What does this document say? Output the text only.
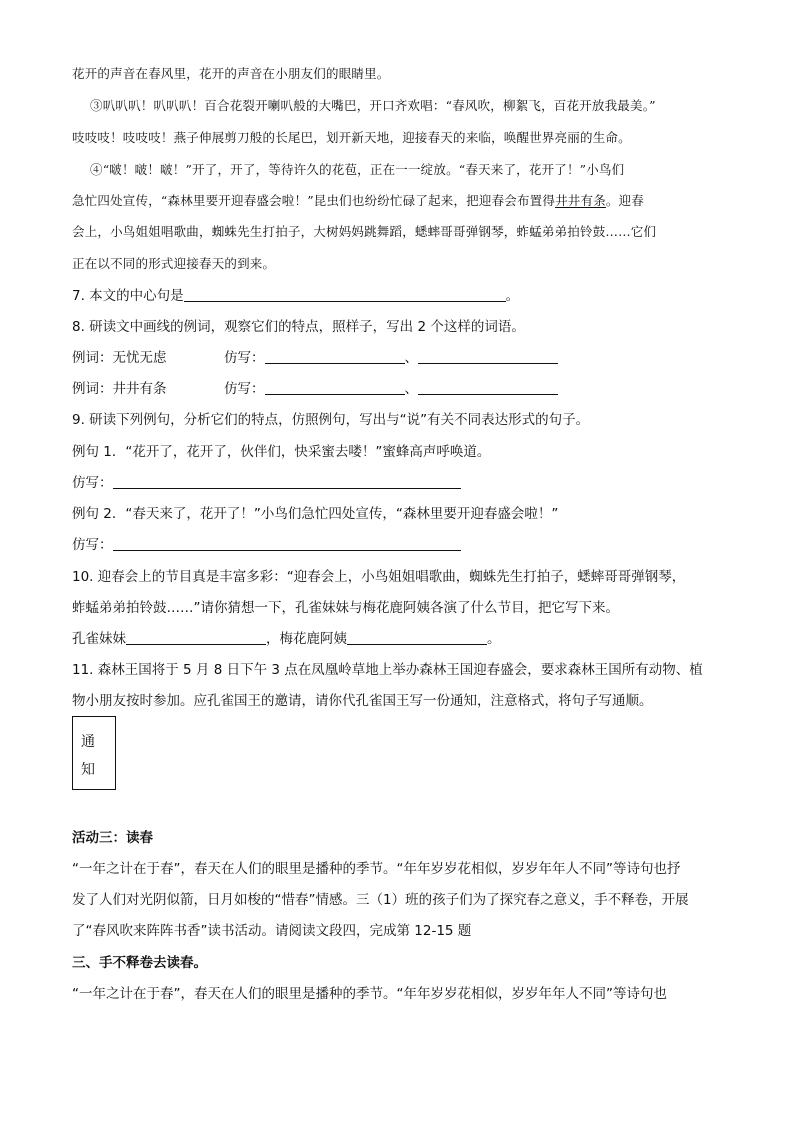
花开的声音在春风里，花开的声音在小朋友们的眼睛里。
③叭叭叭！叭叭叭！百合花裂开喇叭般的大嘴巴，开口齐欢唱：“春风吹，柳絮飞，百花开放我最美。”
吱吱吱！吱吱吱！燕子伸展剪刀般的长尾巴，划开新天地，迎接春天的来临，唤醒世界亮丽的生命。
④“啵！啵！啵！”开了，开了，等待许久的花苞，正在一一绽放。“春天来了，花开了！”小鸟们
急忙四处宣传，“森林里要开迎春盛会啦！”昆虫们也纷纷忙碌了起来，把迎春会布置得井井有条。迎春
会上，小鸟姐姐唱歌曲，蜘蛛先生打拍子，大树妈妈跳舞蹈，蟋蟀哥哥弹钢琴，蚱蜢弟弟拍铃鼓……它们
正在以不同的形式迎接春天的到来。
7. 本文的中心句是	。
8. 研读文中画线的例词，观察它们的特点，照样子，写出 2 个这样的词语。
例词：无忧无虑	仿写：	、
例词：井井有条	仿写：	、
9. 研读下列例句，分析它们的特点，仿照例句，写出与“说”有关不同表达形式的句子。
例句 1．“花开了，花开了，伙伴们，快采蜜去喽！”蜜蜂高声呼唤道。
仿写：
例句 2．“春天来了，花开了！”小鸟们急忙四处宣传，“森林里要开迎春盛会啦！”
仿写：
10. 迎春会上的节目真是丰富多彩：“迎春会上，小鸟姐姐唱歌曲，蜘蛛先生打拍子，蟋蟀哥哥弹钢琴，
蚱蜢弟弟拍铃鼓……”请你猜想一下，孔雀妹妹与梅花鹿阿姨各演了什么节目，把它写下来。
孔雀妹妹	，梅花鹿阿姨	。
11. 森林王国将于 5 月 8 日下午 3 点在凤凰岭草地上举办森林王国迎春盛会，要求森林王国所有动物、植
物小朋友按时参加。应孔雀国王的邀请，请你代孔雀国王写一份通知，注意格式，将句子写通顺。
通
知
活动三：读春
“一年之计在于春”，春天在人们的眼里是播种的季节。“年年岁岁花相似，岁岁年年人不同”等诗句也抒
发了人们对光阴似箭，日月如梭的“惜春”情感。三（1）班的孩子们为了探究春之意义，手不释卷，开展
了“春风吹来阵阵书香”读书活动。请阅读文段四，完成第 12-15 题
三、手不释卷去读春。
“一年之计在于春”，春天在人们的眼里是播种的季节。“年年岁岁花相似，岁岁年年人不同”等诗句也
